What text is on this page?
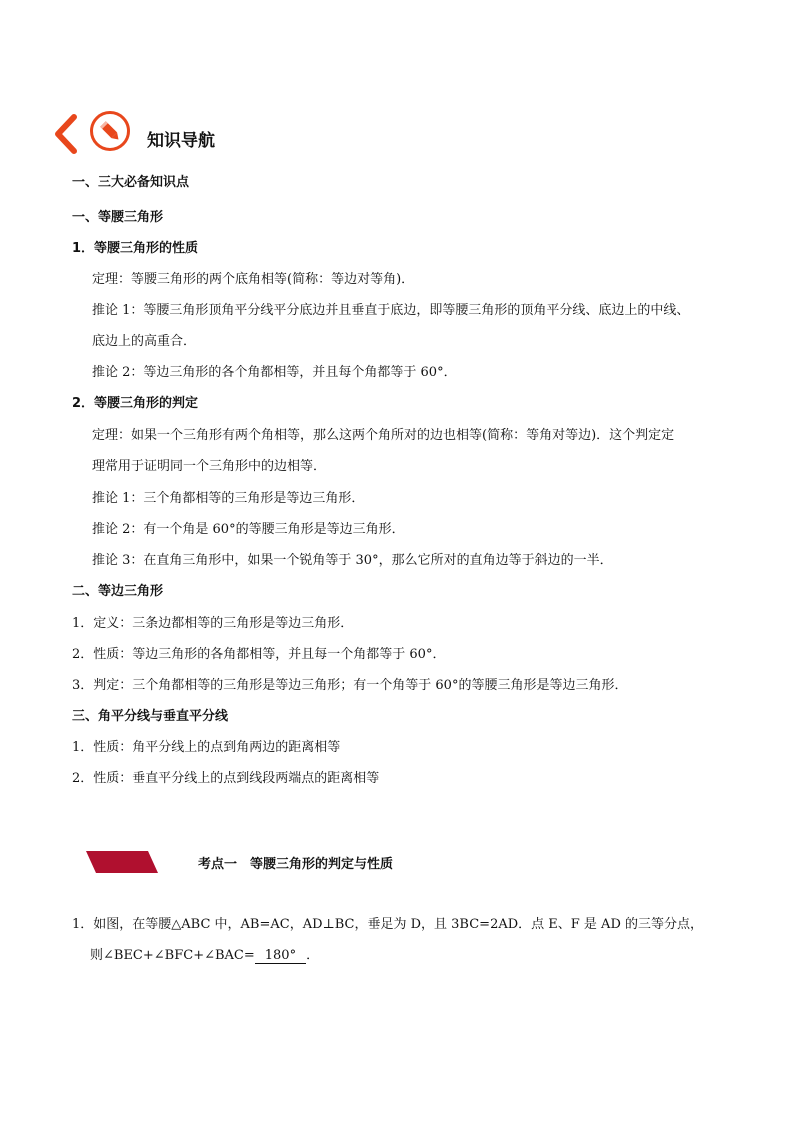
知识导航
一、三大必备知识点
一、等腰三角形
1．等腰三角形的性质
定理：等腰三角形的两个底角相等(简称：等边对等角)．
推论 1：等腰三角形顶角平分线平分底边并且垂直于底边，即等腰三角形的顶角平分线、底边上的中线、
底边上的高重合．
推论 2：等边三角形的各个角都相等，并且每个角都等于 60°．
2．等腰三角形的判定
定理：如果一个三角形有两个角相等，那么这两个角所对的边也相等(简称：等角对等边)．这个判定定
理常用于证明同一个三角形中的边相等．
推论 1：三个角都相等的三角形是等边三角形．
推论 2：有一个角是 60°的等腰三角形是等边三角形．
推论 3：在直角三角形中，如果一个锐角等于 30°，那么它所对的直角边等于斜边的一半．
二、等边三角形
1．定义：三条边都相等的三角形是等边三角形．
2．性质：等边三角形的各角都相等，并且每一个角都等于 60°．
3．判定：三个角都相等的三角形是等边三角形；有一个角等于 60°的等腰三角形是等边三角形．
三、角平分线与垂直平分线
1．性质：角平分线上的点到角两边的距离相等
2．性质：垂直平分线上的点到线段两端点的距离相等
考点一　等腰三角形的判定与性质
1．如图，在等腰△ABC 中，AB=AC，AD⊥BC，垂足为 D，且 3BC=2AD．点 E、F 是 AD 的三等分点，
则∠BEC+∠BFC+∠BAC= 180° ．
